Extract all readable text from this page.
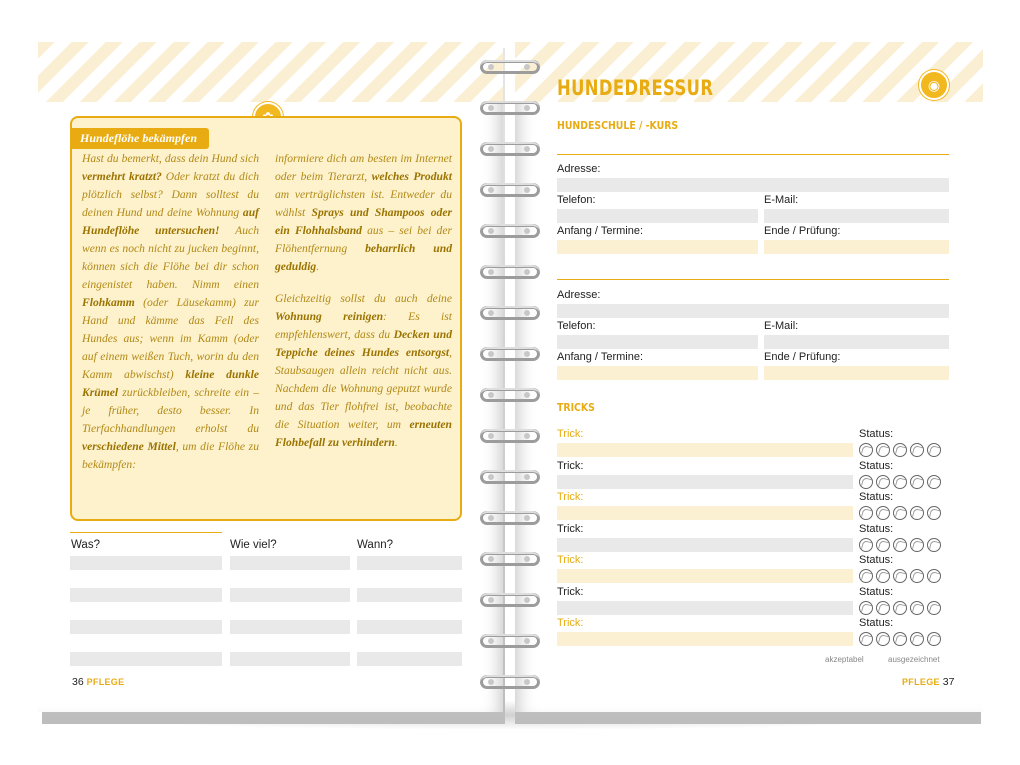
Hundeflöhe bekämpfen

Hast du bemerkt, dass dein Hund sich vermehrt kratzt? Oder kratzt du dich plötzlich selbst? Dann solltest du deinen Hund und deine Wohnung auf Hundeflöhe untersuchen! Auch wenn es noch nicht zu jucken beginnt, können sich die Flöhe bei dir schon eingenistet haben. Nimm einen Flohkamm (oder Läusekamm) zur Hand und kämme das Fell des Hundes aus; wenn im Kamm (oder auf einem weißen Tuch, worin du den Kamm abwischst) kleine dunkle Krümel zurückbleiben, schreite ein – je früher, desto besser. In Tierfachhandlungen erholst du verschiedene Mittel, um die Flöhe zu bekämpfen:

informiere dich am besten im Internet oder beim Tierarzt, welches Produkt am verträglichsten ist. Entweder du wählst Sprays und Shampoos oder ein Flohhalsband aus – sei bei der Flöhentfernung beharrlich und geduldig.

Gleichzeitig sollst du auch deine Wohnung reinigen: Es ist empfehlenswert, dass du Decken und Teppiche deines Hundes entsorgst, Staubsaugen allein reicht nicht aus. Nachdem die Wohnung geputzt wurde und das Tier flohfrei ist, beobachte die Situation weiter, um erneuten Flohbefall zu verhindern.

Was?	Wie viel?	Wann?
36 PFLEGE
HUNDEDRESSUR	◉
HUNDESCHULE / -KURS
Adresse:
Telefon:	E-Mail:
Anfang / Termine:	Ende / Prüfung:
Adresse:
Telefon:	E-Mail:
Anfang / Termine:	Ende / Prüfung:
TRICKS
Trick:	Status:
Trick:	Status:
Trick:	Status:
Trick:	Status:
Trick:	Status:
Trick:	Status:
Trick:	Status:
akzeptabel	ausgezeichnet
PFLEGE 37
